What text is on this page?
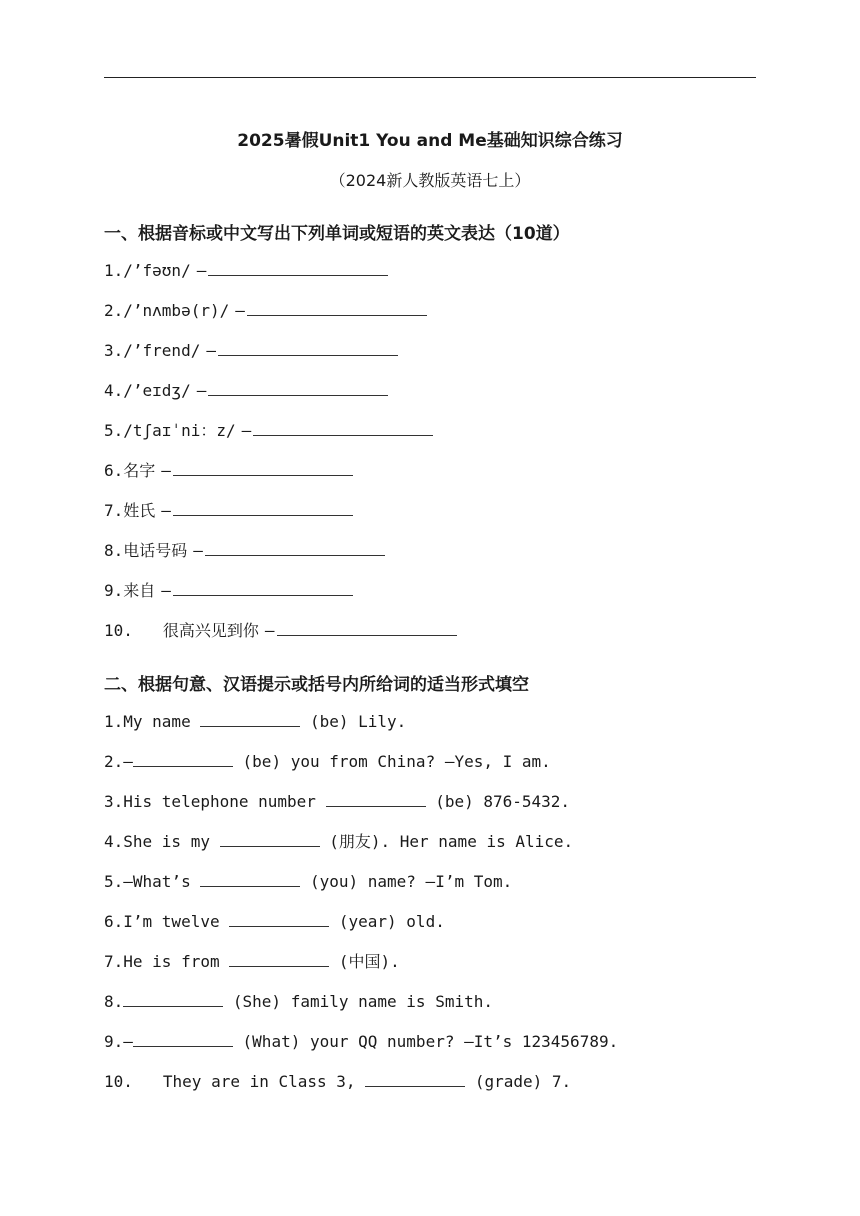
2025暑假Unit1 You and Me基础知识综合练习
（2024新人教版英语七上）
一、根据音标或中文写出下列单词或短语的英文表达（10道）
1./’fəʊn/ —
2./’nʌmbə(r)/ —
3./’frend/ —
4./’eɪdʒ/ —
5./tʃaɪˈni：z/ —
6.名字 —
7.姓氏 —
8.电话号码 —
9.来自 —
10. 很高兴见到你 —
二、根据句意、汉语提示或括号内所给词的适当形式填空
1.My name	(be) Lily.
2.—	(be) you from China? —Yes, I am.
3.His telephone number	(be) 876-5432.
4.She is my	(朋友). Her name is Alice.
5.—What’s	(you) name? —I’m Tom.
6.I’m twelve	(year) old.
7.He is from	(中国).
8.	(She) family name is Smith.
9.—	(What) your QQ number? —It’s 123456789.
10. They are in Class 3,	(grade) 7.
